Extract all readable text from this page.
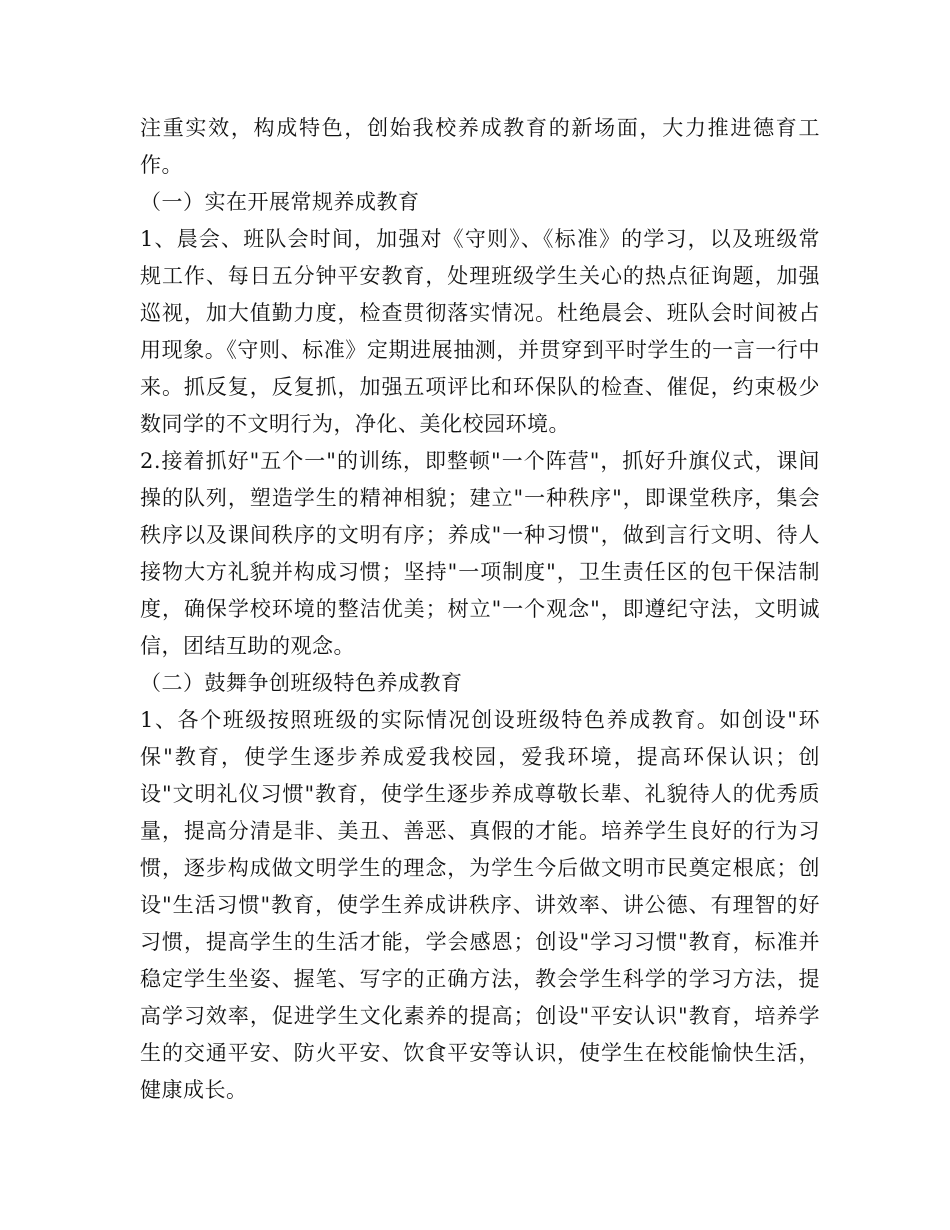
注重实效，构成特色，创始我校养成教育的新场面，大力推进德育工作。

（一）实在开展常规养成教育

1、晨会、班队会时间，加强对《守则》、《标准》的学习，以及班级常规工作、每日五分钟平安教育，处理班级学生关心的热点征询题，加强巡视，加大值勤力度，检查贯彻落实情况。杜绝晨会、班队会时间被占用现象。《守则、标准》定期进展抽测，并贯穿到平时学生的一言一行中来。抓反复，反复抓，加强五项评比和环保队的检查、催促，约束极少数同学的不文明行为，净化、美化校园环境。

2.接着抓好"五个一"的训练，即整顿"一个阵营"，抓好升旗仪式，课间操的队列，塑造学生的精神相貌；建立"一种秩序"，即课堂秩序，集会秩序以及课间秩序的文明有序；养成"一种习惯"，做到言行文明、待人接物大方礼貌并构成习惯；坚持"一项制度"，卫生责任区的包干保洁制度，确保学校环境的整洁优美；树立"一个观念"，即遵纪守法，文明诚信，团结互助的观念。

（二）鼓舞争创班级特色养成教育

1、各个班级按照班级的实际情况创设班级特色养成教育。如创设"环保"教育，使学生逐步养成爱我校园，爱我环境，提高环保认识；创设"文明礼仪习惯"教育，使学生逐步养成尊敬长辈、礼貌待人的优秀质量，提高分清是非、美丑、善恶、真假的才能。培养学生良好的行为习惯，逐步构成做文明学生的理念，为学生今后做文明市民奠定根底；创设"生活习惯"教育，使学生养成讲秩序、讲效率、讲公德、有理智的好习惯，提高学生的生活才能，学会感恩；创设"学习习惯"教育，标准并稳定学生坐姿、握笔、写字的正确方法，教会学生科学的学习方法，提高学习效率，促进学生文化素养的提高；创设"平安认识"教育，培养学生的交通平安、防火平安、饮食平安等认识，使学生在校能愉快生活，健康成长。
